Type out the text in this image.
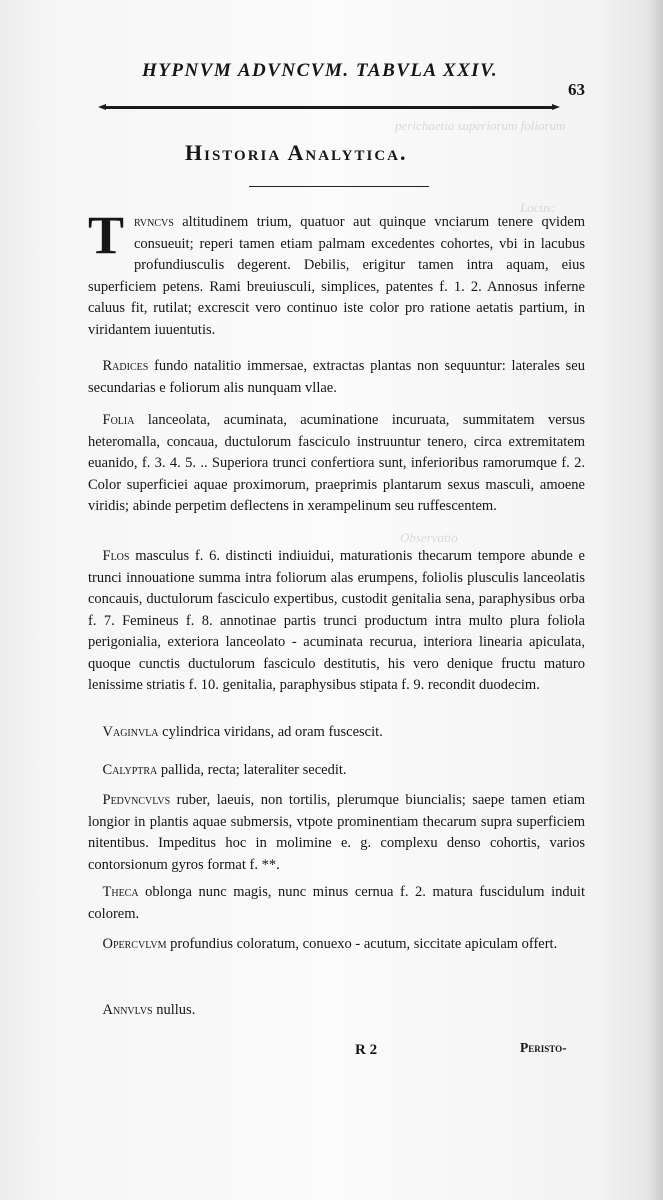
perichaetia superiorum foliorum
Locus:
Observatio
HYPNVM ADVNCVM. TABVLA XXIV.
63
Historia Analytica.
Trvncvs altitudinem trium, quatuor aut quinque vnciarum tenere qvidem consueuit; reperi tamen etiam palmam excedentes cohortes, vbi in lacubus profundiusculis degerent. Debilis, erigitur tamen intra aquam, eius superficiem petens. Rami breuiusculi, simplices, patentes f. 1. 2. Annosus inferne caluus fit, rutilat; excrescit vero continuo iste color pro ratione aetatis partium, in viridantem iuuentutis.
 Radices fundo natalitio immersae, extractas plantas non sequuntur: laterales seu secundarias e foliorum alis nunquam vllae.
 Folia lanceolata, acuminata, acuminatione incuruata, summitatem versus heteromalla, concaua, ductulorum fasciculo instruuntur tenero, circa extremitatem euanido, f. 3. 4. 5. .. Superiora trunci confertiora sunt, inferioribus ramorumque f. 2. Color superficiei aquae proximorum, praeprimis plantarum sexus masculi, amoene viridis; abinde perpetim deflectens in xerampelinum seu ruffescentem.
 Flos masculus f. 6. distincti indiuidui, maturationis thecarum tempore abunde e trunci innouatione summa intra foliorum alas erumpens, foliolis plusculis lanceolatis concauis, ductulorum fasciculo expertibus, custodit genitalia sena, paraphysibus orba f. 7. Femineus f. 8. annotinae partis trunci productum intra multo plura foliola perigonialia, exteriora lanceolato - acuminata recurua, interiora linearia apiculata, quoque cunctis ductulorum fasciculo destitutis, his vero denique fructu maturo lenissime striatis f. 10. genitalia, paraphysibus stipata f. 9. recondit duodecim.
 Vaginvla cylindrica viridans, ad oram fuscescit.
 Calyptra pallida, recta; lateraliter secedit.
 Pedvncvlvs ruber, laeuis, non tortilis, plerumque biuncialis; saepe tamen etiam longior in plantis aquae submersis, vtpote prominentiam thecarum supra superficiem nitentibus. Impeditus hoc in molimine e. g. complexu denso cohortis, varios contorsionum gyros format f. **.
 Theca oblonga nunc magis, nunc minus cernua f. 2. matura fuscidulum induit colorem.
 Opercvlvm profundius coloratum, conuexo - acutum, siccitate apiculam offert.
 Annvlvs nullus.
R 2	Peristo-
